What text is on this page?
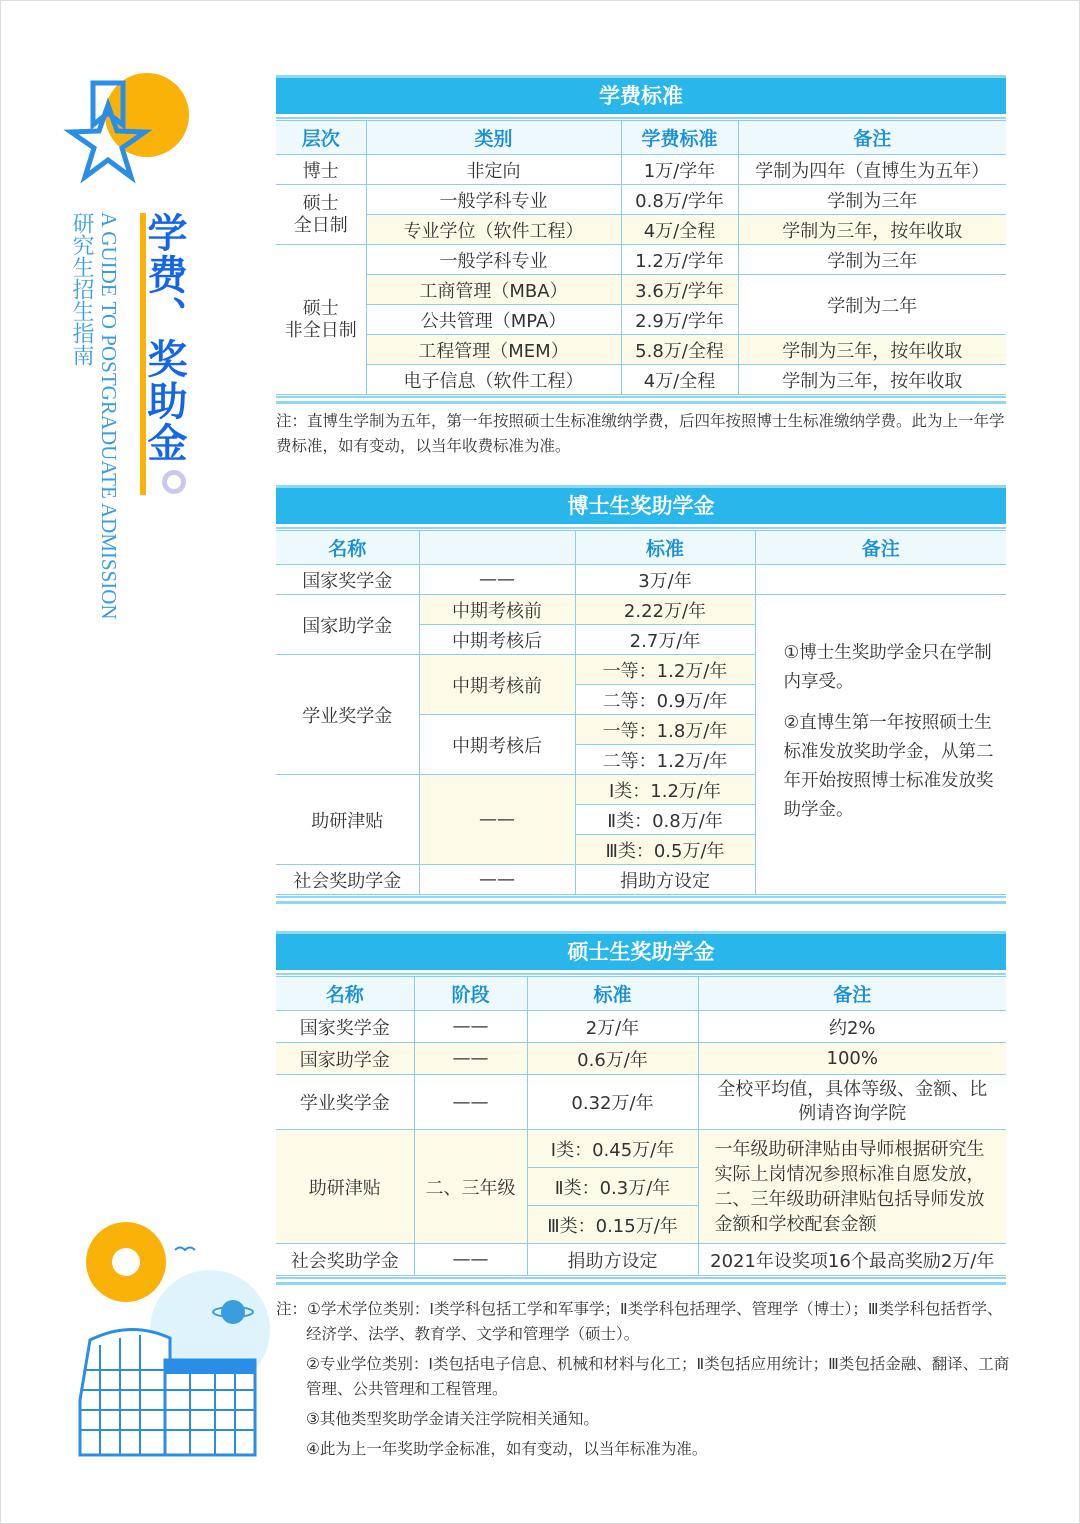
学费、奖助金
A GUIDE TO POSTGRADUATE ADMISSION
研究生招生指南
学费标准
层次	类别	学费标准	备注
博士	非定向	1万/学年	学制为四年（直博生为五年）
硕士
全日制	一般学科专业	0.8万/学年	学制为三年
	专业学位（软件工程）	4万/全程	学制为三年，按年收取
硕士
非全日制	一般学科专业	1.2万/学年	学制为三年
	工商管理（MBA）	3.6万/学年	学制为二年
	公共管理（MPA）	2.9万/学年	
	工程管理（MEM）	5.8万/全程	学制为三年，按年收取
	电子信息（软件工程）	4万/全程	学制为三年，按年收取
注：直博生学制为五年，第一年按照硕士生标准缴纳学费，后四年按照博士生标准缴纳学费。此为上一年学费标准，如有变动，以当年收费标准为准。
博士生奖助学金
名称		标准	备注
国家奖学金	——	3万/年	
国家助学金	中期考核前	2.22万/年	①博士生奖助学金只在学制内享受。

②直博生第一年按照硕士生标准发放奖助学金，从第二年开始按照博士标准发放奖助学金。

	中期考核后	2.7万/年	
学业奖学金	中期考核前	一等：1.2万/年	
		二等：0.9万/年	
	中期考核后	一等：1.8万/年	
		二等：1.2万/年	
助研津贴	——	Ⅰ类：1.2万/年	
		Ⅱ类：0.8万/年	
		Ⅲ类：0.5万/年	
社会奖助学金	——	捐助方设定	
硕士生奖助学金
名称	阶段	标准	备注
国家奖学金	——	2万/年	约2%
国家助学金	——	0.6万/年	100%
学业奖学金	——	0.32万/年	全校平均值，具体等级、金额、比例请咨询学院
助研津贴	二、三年级	Ⅰ类：0.45万/年	一年级助研津贴由导师根据研究生实际上岗情况参照标准自愿发放，二、三年级助研津贴包括导师发放金额和学校配套金额
		Ⅱ类：0.3万/年	
		Ⅲ类：0.15万/年	
社会奖助学金	——	捐助方设定	2021年设奖项16个最高奖励2万/年

注：①学术学位类别：Ⅰ类学科包括工学和军事学；Ⅱ类学科包括理学、管理学（博士）；Ⅲ类学科包括哲学、经济学、法学、教育学、文学和管理学（硕士）。

②专业学位类别：Ⅰ类包括电子信息、机械和材料与化工；Ⅱ类包括应用统计；Ⅲ类包括金融、翻译、工商管理、公共管理和工程管理。

③其他类型奖助学金请关注学院相关通知。

④此为上一年奖助学金标准，如有变动，以当年标准为准。
